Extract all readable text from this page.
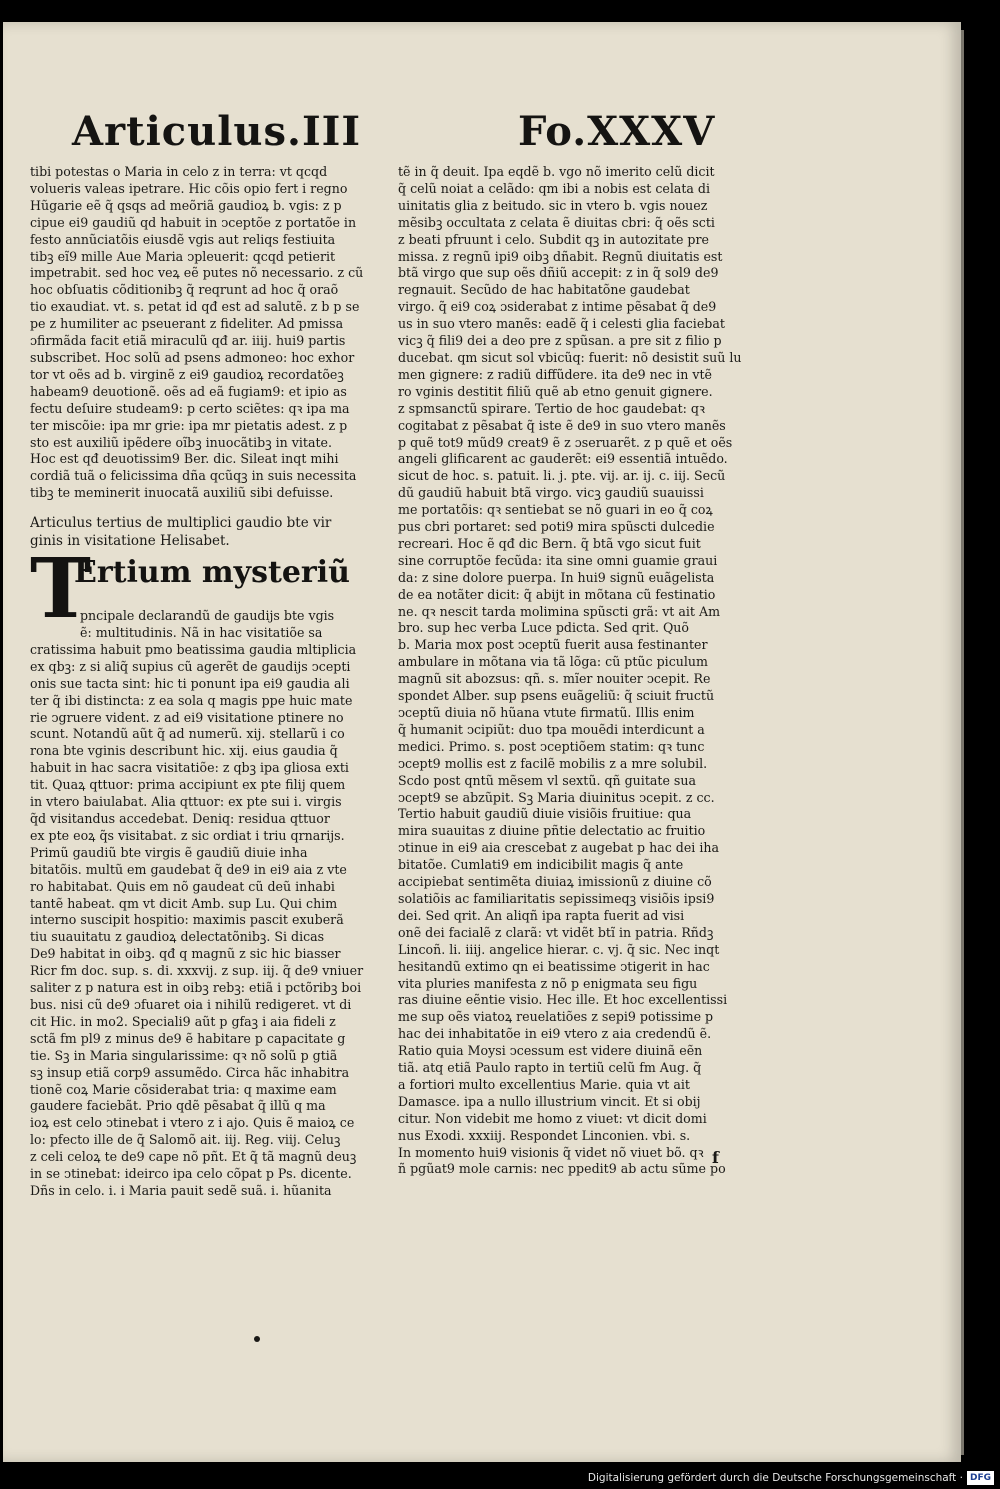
Articulus.III	Fo.XXXV
tibi potestas o Maria in celo z in terra: vt qcqd
volueris valeas ipetrare. Hic cõis opio fert i regno
Hũgarie eẽ q̃ qsqs ad meõriã gaudioꝝ b. vgis: z p
cipue ei9 gaudiũ qd habuit in ↄceptõe z portatõe in
festo annũciatõis eiusdẽ vgis aut reliqs festiuita
tibꝫ eĩ9 mille Aue Maria ↄpleuerit: qcqd petierit
impetrabit. sed hoc veꝝ eẽ putes nõ necessario. z cũ
hoc obſuatis cõditionibꝫ q̃ reqrunt ad hoc q̃ oraõ
tio exaudiat. vt. s. petat id qđ est ad salutẽ. z b p se
pe z humiliter ac pseuerant z fideliter. Ad pmissa
ɔfirmãda facit etiã miraculũ qđ ar. iiij. hui9 partis
subscribet. Hoc solũ ad psens admoneo: hoc exhor
tor vt oẽs ad b. virginẽ z ei9 gaudioꝝ recordatõeꝫ
habeam9 deuotionẽ. oẽs ad eã fugiam9: et ipio as
fectu deſuire studeam9: p certo sciẽtes: qꝛ ipa ma
ter miscõie: ipa mr grie: ipa mr pietatis adest. z p
sto est auxiliũ ipẽdere oĩbꝫ inuocãtibꝫ in vitate.
Hoc est qđ deuotissim9 Ber. dic. Sileat inqt mihi
cordiã tuã o felicissima dña qcũqꝫ in suis necessita
tibꝫ te meminerit inuocatã auxiliũ sibi defuisse.
Articulus tertius de multiplici gaudio bte vir
ginis in visitatione Helisabet.
T
Ertium mysteriũ
pncipale declarandũ de gaudijs bte vgis
ẽ: multitudinis. Nã in hac visitatiõe sa
cratissima habuit pmo beatissima gaudia mltiplicia
ex qbꝫ: z si aliq̃ supius cũ agerẽt de gaudijs ↄcepti
onis sue tacta sint: hic ti ponunt ipa ei9 gaudia ali
ter q̃ ibi distincta: z ea sola q magis ppe huic mate
rie ↄgruere vident. z ad ei9 visitatione ptinere no
scunt. Notandũ aũt q̃ ad numerũ. xij. stellarũ i co
rona bte vginis describunt hic. xij. eius gaudia q̃
habuit in hac sacra visitatiõe: z qbꝫ ipa gliosa exti
tit. Quaꝝ qttuor: prima accipiunt ex pte filij quem
in vtero baiulabat. Alia qttuor: ex pte sui i. virgis
q̃d visitandus accedebat. Deniq: residua qttuor
ex pte eoꝝ q̃s visitabat. z sic ordiat i triu qrnarijs.
Primũ gaudiũ bte virgis ẽ gaudiũ diuie inha
bitatõis. multũ em gaudebat q̃ de9 in ei9 aia z vte
ro habitabat. Quis em nõ gaudeat cũ deũ inhabi
tantẽ habeat. qm vt dicit Amb. sup Lu. Qui chim
interno suscipit hospitio: maximis pascit exuberã
tiu suauitatu z gaudioꝝ delectatõnibꝫ. Si dicas
De9 habitat in oibꝫ. qđ q magnũ z sic hic biasser
Ricr fm doc. sup. s. di. xxxvij. z sup. iij. q̃ de9 vniuer
saliter z p natura est in oibꝫ rebꝫ: etiã i pctõribꝫ boi
bus. nisi cũ de9 ɔfuaret oia i nihilũ redigeret. vt di
cit Hic. in mo2. Speciali9 aũt p gfaꝫ i aia fideli z
sctã fm pl9 z minus de9 ẽ habitare p capacitate g
tie. Sꝫ in Maria singularissime: qꝛ nõ solũ p gtiã
sꝫ insup etiã corp9 assumẽdo. Circa hãc inhabitra
tionẽ coꝝ Marie cõsiderabat tria: q maxime eam
gaudere faciebãt. Prio qdẽ pẽsabat q̃ illũ q ma
ioꝝ est celo ↄtinebat i vtero z i ajo. Quis ẽ maioꝝ ce
lo: pfecto ille de q̃ Salomõ ait. iij. Reg. viij. Celuꝫ
z celi celoꝝ te de9 cape nõ pñt. Et q̃ tã magnũ deuꝫ
in se ↄtinebat: ideirco ipa celo cõpat p Ps. dicente.
Dñs in celo. i. i Maria pauit sedẽ suã. i. hũanita
tẽ in q̃ deuit. Ipa eqdẽ b. vgo nõ imerito celũ dicit
q̃ celũ noiat a celãdo: qm ibi a nobis est celata di
uinitatis glia z beitudo. sic in vtero b. vgis nouez
mẽsibꝫ occultata z celata ẽ diuitas cbri: q̃ oẽs scti
z beati pfruunt i celo. Subdit qꝫ in autozitate pre
missa. z regnũ ipi9 oibꝫ dñabit. Regnũ diuitatis est
btã virgo que sup oẽs dñiũ accepit: z in q̃ sol9 de9
regnauit. Secũdo de hac habitatõne gaudebat
virgo. q̃ ei9 coꝝ ɔsiderabat z intime pẽsabat q̃ de9
us in suo vtero manẽs: eadẽ q̃ i celesti glia faciebat
vicꝫ q̃ fili9 dei a deo pre z spũsan. a pre sit z filio p
ducebat. qm sicut sol vbicũq: fuerit: nõ desistit suũ lu
men gignere: z radiũ diffũdere. ita de9 nec in vtẽ
ro vginis destitit filiũ quẽ ab etno genuit gignere.
z spmsanctũ spirare. Tertio de hoc gaudebat: qꝛ
cogitabat z pẽsabat q̃ iste ẽ de9 in suo vtero manẽs
p quẽ tot9 mũd9 creat9 ẽ z ɔseruarẽt. z p quẽ et oẽs
angeli glificarent ac gauderẽt: ei9 essentiã intuẽdo.
sicut de hoc. s. patuit. li. j. pte. vij. ar. ij. c. iij. Secũ
dũ gaudiũ habuit btã virgo. vicꝫ gaudiũ suauissi
me portatõis: qꝛ sentiebat se nõ guari in eo q̃ coꝝ
pus cbri portaret: sed poti9 mira spũscti dulcedie
recreari. Hoc ẽ qđ dic Bern. q̃ btã vgo sicut fuit
sine corruptõe fecũda: ita sine omni guamie graui
da: z sine dolore puerpa. In hui9 signũ euãgelista
de ea notãter dicit: q̃ abijt in mõtana cũ festinatio
ne. qꝛ nescit tarda molimina spũscti grã: vt ait Am
bro. sup hec verba Luce pdicta. Sed qrit. Quõ
b. Maria mox post ↄceptũ fuerit ausa festinanter
ambulare in mõtana via tã lõga: cũ ptũc piculum
magnũ sit abozsus: qñ. s. mĩer nouiter ↄcepit. Re
spondet Alber. sup psens euãgeliũ: q̃ sciuit fructũ
ↄceptũ diuia nõ hũana vtute firmatũ. Illis enim
q̃ humanit ↄcipiũt: duo tpa mouẽdi interdicunt a
medici. Primo. s. post ↄceptiõem statim: qꝛ tunc
ↄcept9 mollis est z facilẽ mobilis z a mre solubil.
Scdo post qntũ mẽsem vl sextũ. qñ guitate sua
ↄcept9 se abzũpit. Sꝫ Maria diuinitus ↄcepit. z cc.
Tertio habuit gaudiũ diuie visiõis fruitiue: qua
mira suauitas z diuine pñtie delectatio ac fruitio
ↄtinue in ei9 aia crescebat z augebat p hac dei iha
bitatõe. Cumlati9 em indicibilit magis q̃ ante
accipiebat sentimẽta diuiaꝝ imissionũ z diuine cõ
solatiõis ac familiaritatis sepissimeqꝫ visiõis ipsi9
dei. Sed qrit. An aliqñ ipa rapta fuerit ad visi
onẽ dei facialẽ z clarã: vt vidẽt btĩ in patria. Rñdꝫ
Lincoñ. li. iiij. angelice hierar. c. vj. q̃ sic. Nec inqt
hesitandũ extimo qn ei beatissime ↄtigerit in hac
vita pluries manifesta z nõ p enigmata seu figu
ras diuine eẽntie visio. Hec ille. Et hoc excellentissi
me sup oẽs viatoꝝ reuelatiões z sepi9 potissime p
hac dei inhabitatõe in ei9 vtero z aia credendũ ẽ.
Ratio quia Moysi ↄcessum est videre diuinã eẽn
tiã. atq etiã Paulo rapto in tertiũ celũ fm Aug. q̃
a fortiori multo excellentius Marie. quia vt ait
Damasce. ipa a nullo illustrium vincit. Et si obij
citur. Non videbit me homo z viuet: vt dicit domi
nus Exodi. xxxiij. Respondet Linconien. vbi. s.
In momento hui9 visionis q̃ videt nõ viuet bõ. qꝛ
ñ pgũat9 mole carnis: nec ppedit9 ab actu sũme po
f
Digitalisierung gefördert durch die Deutsche Forschungsgemeinschaft · DFG
